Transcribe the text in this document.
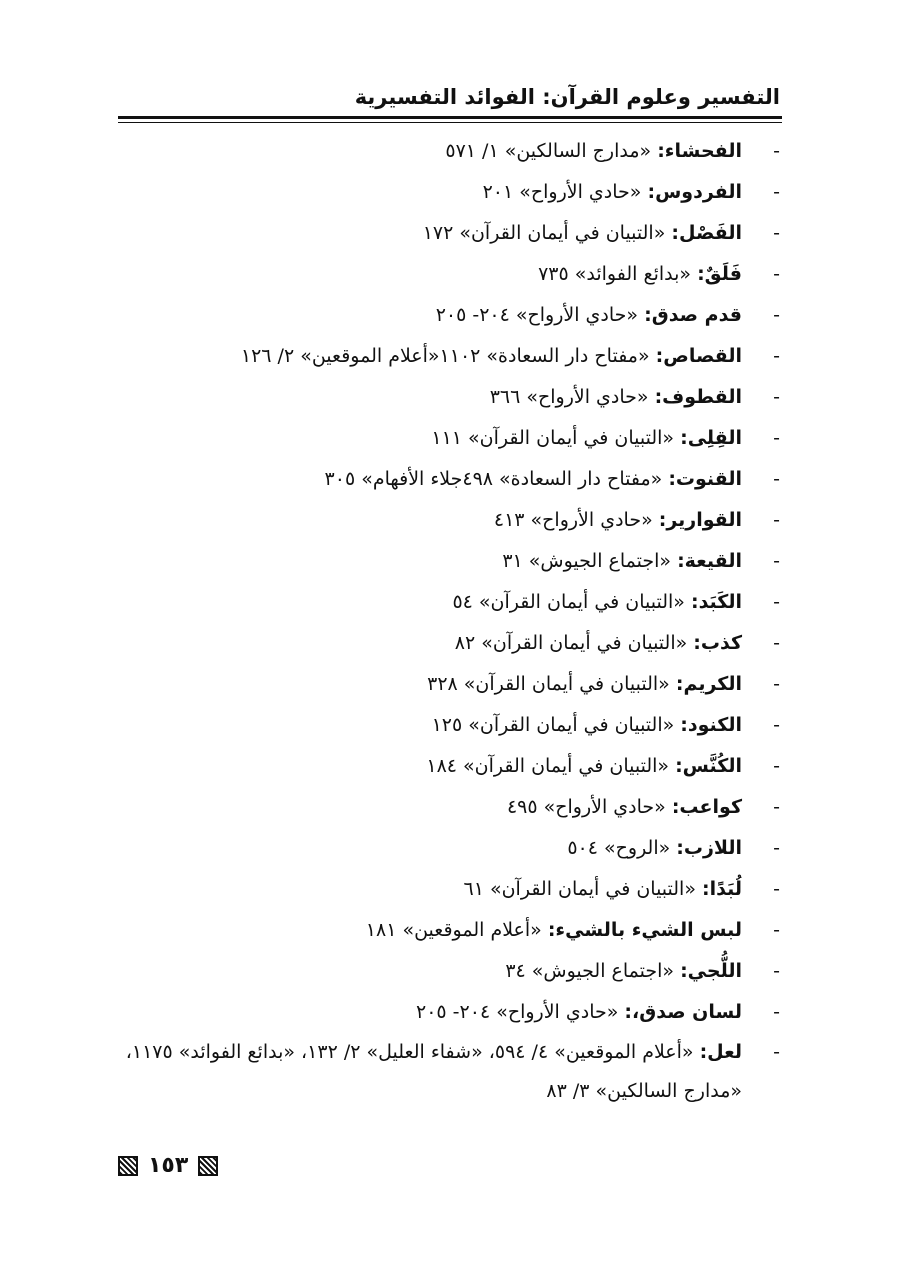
التفسير وعلوم القرآن: الفوائد التفسيرية
-
الفحشاء: «مدارج السالكين» ١/ ٥٧١
-
الفردوس: «حادي الأرواح» ٢٠١
-
الفَصْل: «التبيان في أيمان القرآن» ١٧٢
-
فَلَقٌ: «بدائع الفوائد» ٧٣٥
-
قدم صدق: «حادي الأرواح» ٢٠٤- ٢٠٥
-
القصاص: «مفتاح دار السعادة» ١١٠٢«أعلام الموقعين» ٢/ ١٢٦
-
القطوف: «حادي الأرواح» ٣٦٦
-
القِلِى: «التبيان في أيمان القرآن» ١١١
-
القنوت: «مفتاح دار السعادة» ٤٩٨جلاء الأفهام» ٣٠٥
-
القوارير: «حادي الأرواح» ٤١٣
-
القيعة: «اجتماع الجيوش» ٣١
-
الكَبَد: «التبيان في أيمان القرآن» ٥٤
-
كذب: «التبيان في أيمان القرآن» ٨٢
-
الكريم: «التبيان في أيمان القرآن» ٣٢٨
-
الكنود: «التبيان في أيمان القرآن» ١٢٥
-
الكُنَّس: «التبيان في أيمان القرآن» ١٨٤
-
كواعب: «حادي الأرواح» ٤٩٥
-
اللازب: «الروح» ٥٠٤
-
لُبَدًا: «التبيان في أيمان القرآن» ٦١
-
لبس الشيء بالشيء: «أعلام الموقعين» ١٨١
-
اللُّجي: «اجتماع الجيوش» ٣٤
-
لسان صدق،: «حادي الأرواح» ٢٠٤- ٢٠٥
-
لعل: «أعلام الموقعين» ٤/ ٥٩٤، «شفاء العليل» ٢/ ١٣٢، «بدائع الفوائد» ١١٧٥، «مدارج السالكين» ٣/ ٨٣
١٥٣
